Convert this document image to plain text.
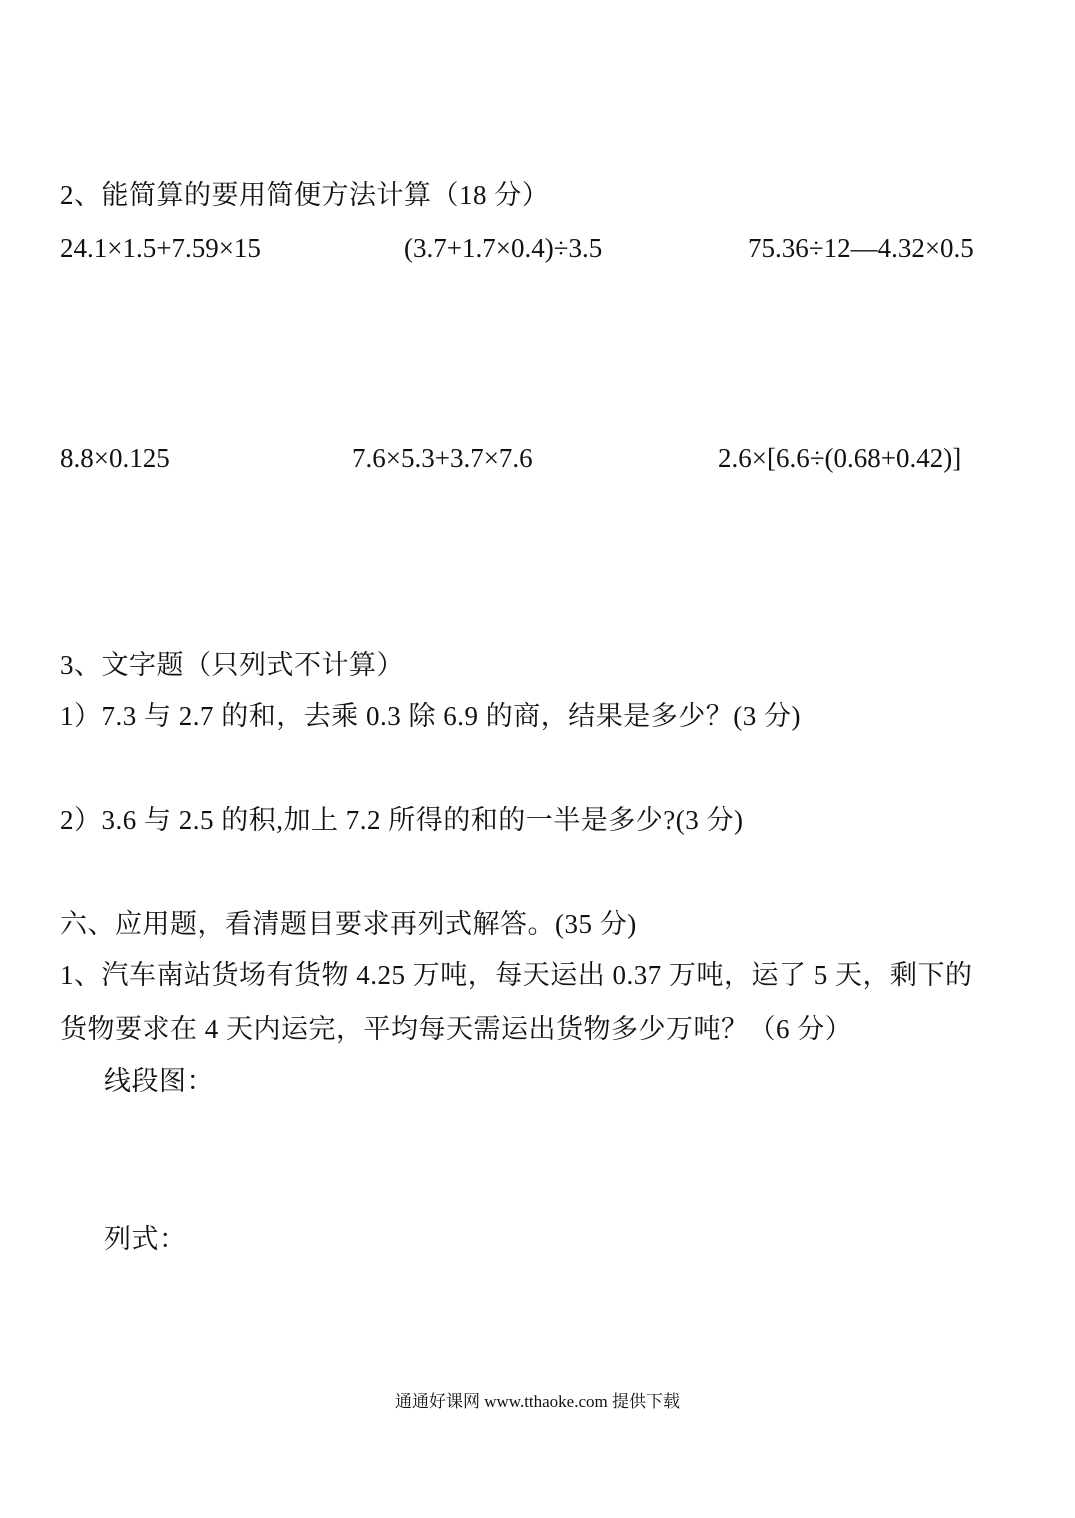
2、能简算的要用简便方法计算（18 分）
24.1×1.5+7.59×15	(3.7+1.7×0.4)÷3.5	75.36÷12—4.32×0.5
8.8×0.125	7.6×5.3+3.7×7.6	2.6×[6.6÷(0.68+0.42)]
3、文字题（只列式不计算）
1）7.3 与 2.7 的和，去乘 0.3 除 6.9 的商，结果是多少？(3 分)
2）3.6 与 2.5 的积,加上 7.2 所得的和的一半是多少?(3 分)
六、应用题，看清题目要求再列式解答。(35 分)
1、汽车南站货场有货物 4.25 万吨，每天运出 0.37 万吨，运了 5 天，剩下的
货物要求在 4 天内运完，平均每天需运出货物多少万吨？（6 分）
线段图：
列式：
通通好课网 www.tthaoke.com 提供下载
